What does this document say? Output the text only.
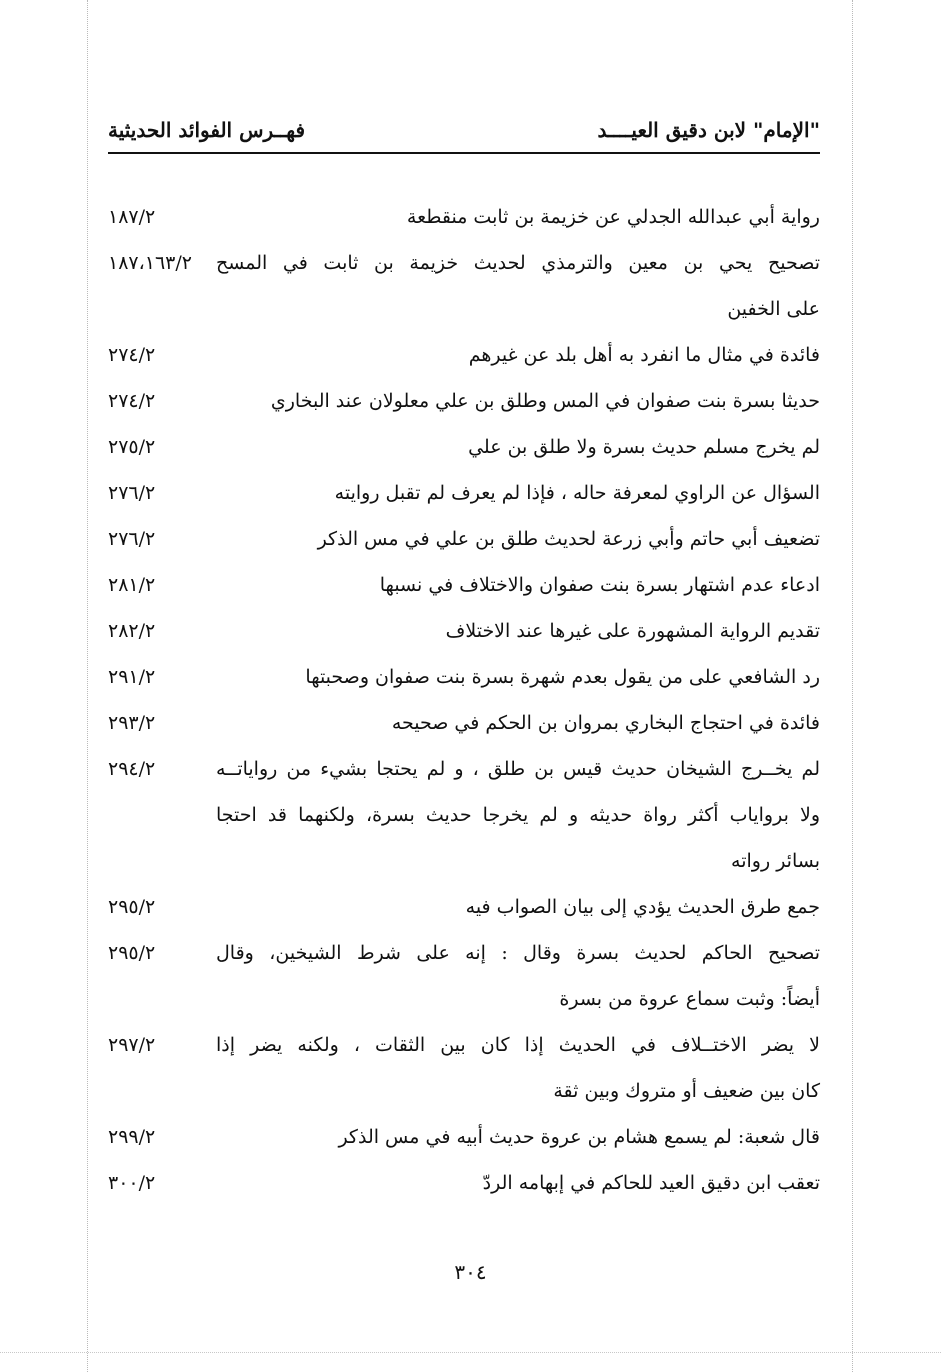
"الإمام" لابن دقيق العيــــد
فهــرس الفوائد الحديثية
رواية أبي عبدالله الجدلي عن خزيمة بن ثابت منقطعة
١٨٧/٢
تصحيح يحي بن معين والترمذي لحديث خزيمة بن ثابت في المسح
١٨٧،١٦٣/٢
على الخفين
فائدة في مثال ما انفرد به أهل بلد عن غيرهم
٢٧٤/٢
حديثا بسرة بنت صفوان في المس وطلق بن علي معلولان عند البخاري
٢٧٤/٢
لم يخرج مسلم حديث بسرة ولا طلق بن علي
٢٧٥/٢
السؤال عن الراوي لمعرفة حاله ، فإذا لم يعرف لم تقبل روايته
٢٧٦/٢
تضعيف أبي حاتم وأبي زرعة لحديث طلق بن علي في مس الذكر
٢٧٦/٢
ادعاء عدم اشتهار بسرة بنت صفوان والاختلاف في نسبها
٢٨١/٢
تقديم الرواية المشهورة على غيرها عند الاختلاف
٢٨٢/٢
رد الشافعي على من يقول بعدم شهرة بسرة بنت صفوان وصحبتها
٢٩١/٢
فائدة في احتجاج البخاري بمروان بن الحكم في صحيحه
٢٩٣/٢
لم يخــرج الشيخان حديث قيس بن طلق ، و لم يحتجا بشيء من رواياتــه
٢٩٤/٢
ولا برواياب أكثر رواة حديثه و لم يخرجا حديث بسرة، ولكنهما قد احتجا
بسائر رواته
جمع طرق الحديث يؤدي إلى بيان الصواب فيه
٢٩٥/٢
تصحيح الحاكم لحديث بسرة وقال : إنه على شرط الشيخين، وقال
٢٩٥/٢
أيضاً: وثبت سماع عروة من بسرة
لا يضر الاختــلاف في الحديث إذا كان بين الثقات ، ولكنه يضر إذا
٢٩٧/٢
كان بين ضعيف أو متروك وبين ثقة
قال شعبة: لم يسمع هشام بن عروة حديث أبيه في مس الذكر
٢٩٩/٢
تعقب ابن دقيق العيد للحاكم في إبهامه الردّ
٣٠٠/٢
٣٠٤
